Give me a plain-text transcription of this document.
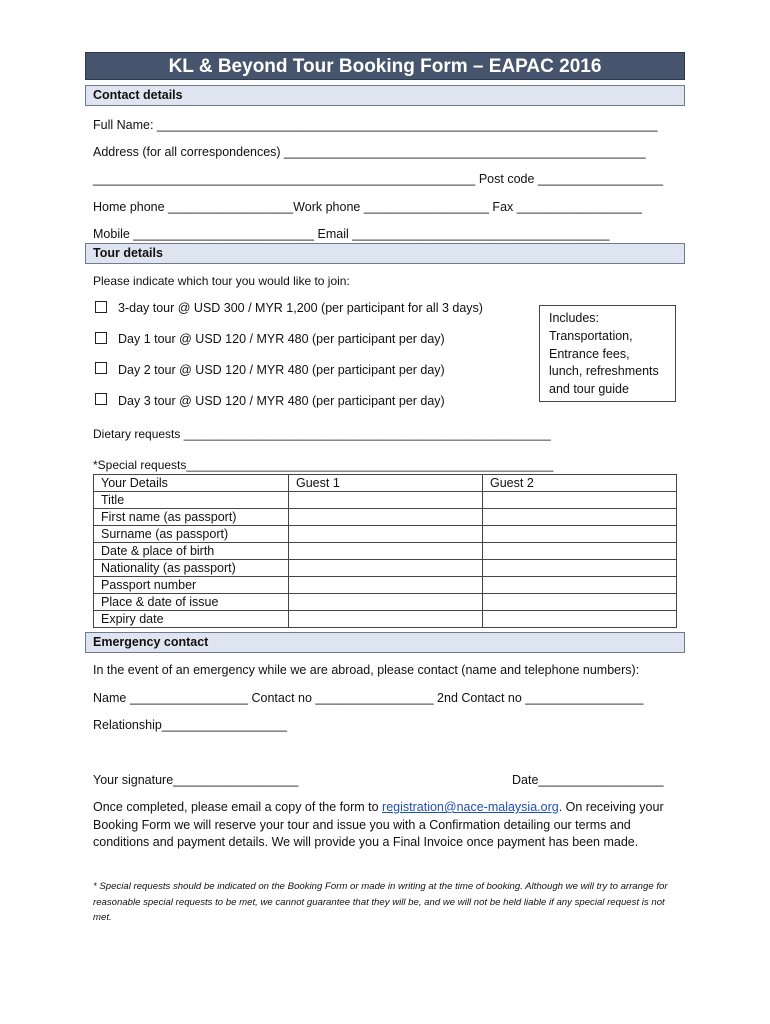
KL & Beyond Tour Booking Form – EAPAC 2016
Contact details
Full Name: ________________________________________________________________________
Address (for all correspondences) ____________________________________________________
_______________________________________________________ Post code __________________
Home phone __________________Work phone __________________ Fax __________________
Mobile __________________________ Email _____________________________________
Tour details
Please indicate which tour you would like to join:
3-day tour @ USD 300 / MYR 1,200 (per participant for all 3 days)
Day 1 tour @ USD 120 / MYR 480 (per participant per day)
Day 2 tour @ USD 120 / MYR 480 (per participant per day)
Day 3 tour @ USD 120 / MYR 480 (per participant per day)
Includes:
Transportation,
Entrance fees,
lunch, refreshments
and tour guide
Dietary requests _______________________________________________________
*Special requests_______________________________________________________
Your Details	Guest 1	Guest 2
Title		
First name (as passport)		
Surname (as passport)		
Date & place of birth		
Nationality (as passport)		
Passport number		
Place & date of issue		
Expiry date		
Emergency contact
In the event of an emergency while we are abroad, please contact (name and telephone numbers):
Name _________________ Contact no _________________ 2nd Contact no _________________
Relationship__________________
Your signature__________________	Date__________________
Once completed, please email a copy of the form to registration@nace-malaysia.org. On receiving your Booking Form we will reserve your tour and issue you with a Confirmation detailing our terms and conditions and payment details. We will provide you a Final Invoice once payment has been made.
* Special requests should be indicated on the Booking Form or made in writing at the time of booking. Although we will try to arrange for reasonable special requests to be met, we cannot guarantee that they will be, and we will not be held liable if any special request is not met.
